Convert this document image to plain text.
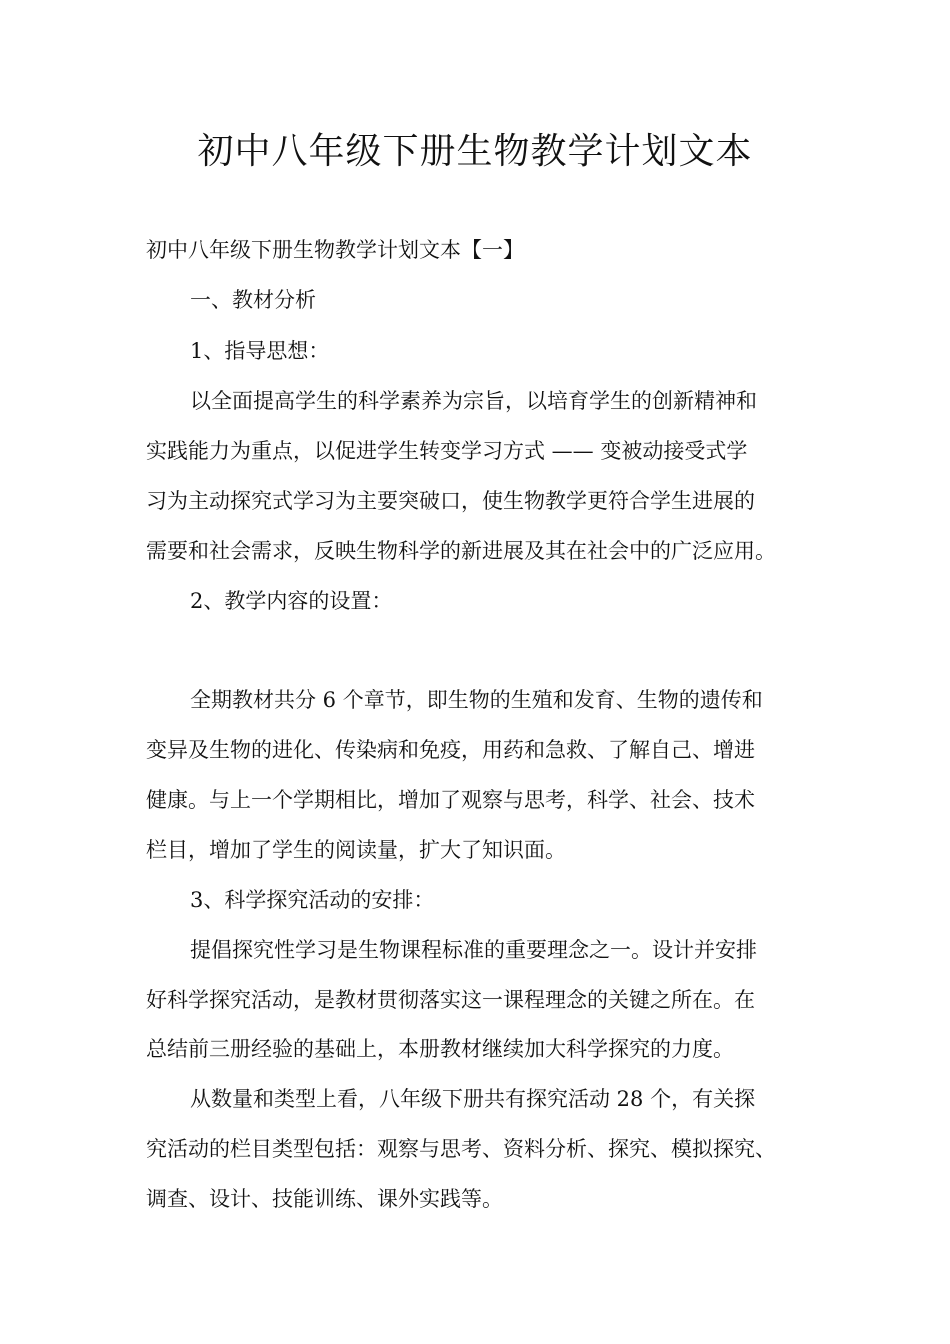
初中八年级下册生物教学计划文本
初中八年级下册生物教学计划文本【一】
一、教材分析
1、指导思想：
以全面提高学生的科学素养为宗旨，以培育学生的创新精神和
实践能力为重点，以促进学生转变学习方式 —— 变被动接受式学
习为主动探究式学习为主要突破口，使生物教学更符合学生进展的
需要和社会需求，反映生物科学的新进展及其在社会中的广泛应用。
2、教学内容的设置：
全期教材共分 6 个章节，即生物的生殖和发育、生物的遗传和
变异及生物的进化、传染病和免疫，用药和急救、了解自己、增进
健康。与上一个学期相比，增加了观察与思考，科学、社会、技术
栏目，增加了学生的阅读量，扩大了知识面。
3、科学探究活动的安排：
提倡探究性学习是生物课程标准的重要理念之一。设计并安排
好科学探究活动，是教材贯彻落实这一课程理念的关键之所在。在
总结前三册经验的基础上，本册教材继续加大科学探究的力度。
从数量和类型上看，八年级下册共有探究活动 28 个，有关探
究活动的栏目类型包括：观察与思考、资料分析、探究、模拟探究、
调查、设计、技能训练、课外实践等。
